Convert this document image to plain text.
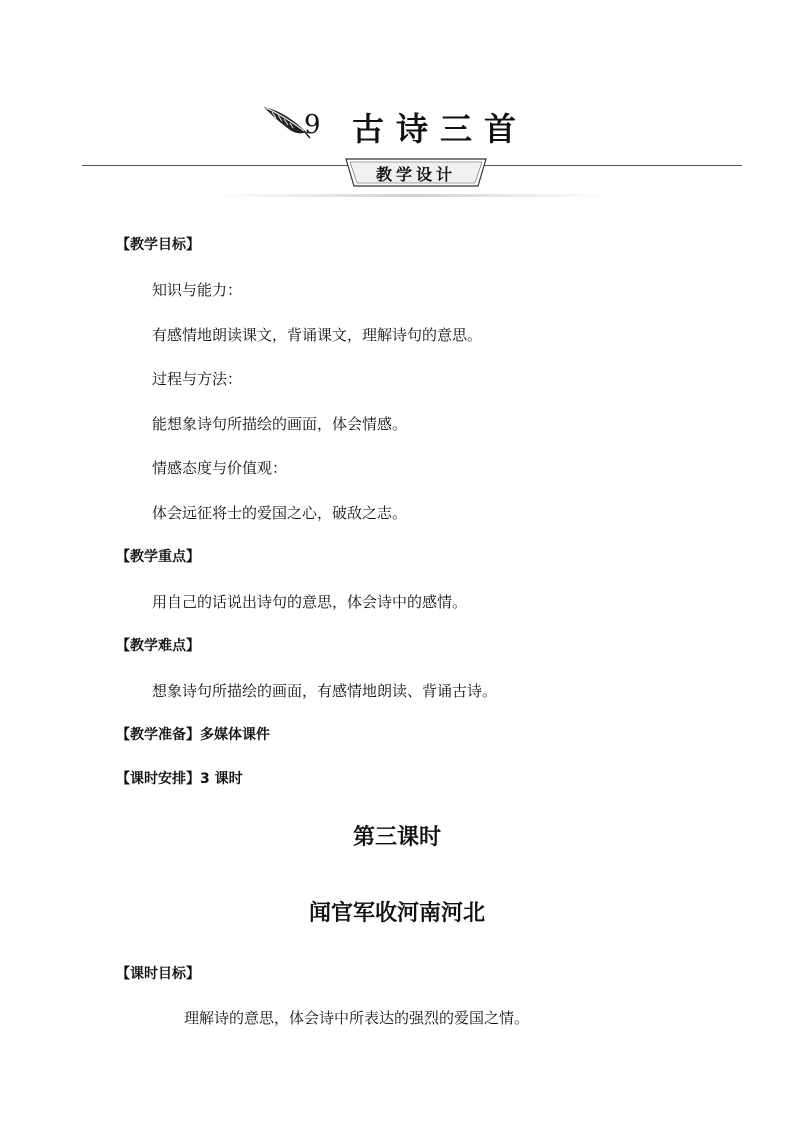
9 古诗三首
教学设计
【教学目标】
知识与能力：
有感情地朗读课文，背诵课文，理解诗句的意思。
过程与方法：
能想象诗句所描绘的画面，体会情感。
情感态度与价值观：
体会远征将士的爱国之心，破敌之志。
【教学重点】
用自己的话说出诗句的意思，体会诗中的感情。
【教学难点】
想象诗句所描绘的画面，有感情地朗读、背诵古诗。
【教学准备】多媒体课件
【课时安排】3 课时
第三课时
闻官军收河南河北
【课时目标】
理解诗的意思，体会诗中所表达的强烈的爱国之情。
